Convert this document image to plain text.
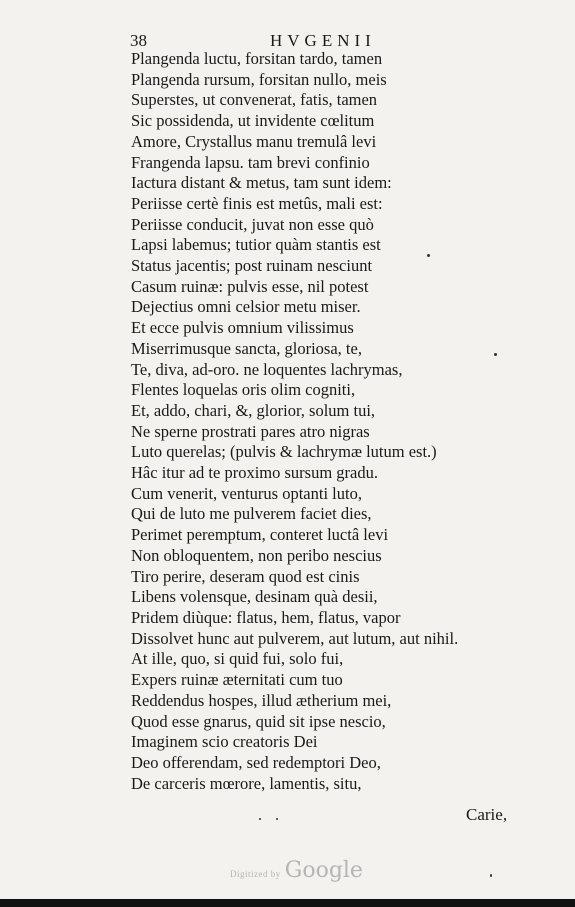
38	HVGENII
Plangenda luctu, forsitan tardo, tamen
Plangenda rursum, forsitan nullo, meis
Superstes, ut convenerat, fatis, tamen
Sic possidenda, ut invidente cœlitum
Amore, Crystallus manu tremulâ levi
Frangenda lapsu. tam brevi confinio
Iactura distant & metus, tam sunt idem:
Periisse certè finis est metûs, mali est:
Periisse conducit, juvat non esse quò
Lapsi labemus; tutior quàm stantis est
Status jacentis; post ruinam nesciunt
Casum ruinæ: pulvis esse, nil potest
Dejectius omni celsior metu miser.
Et ecce pulvis omnium vilissimus
Miserrimusque sancta, gloriosa, te,
Te, diva, ad-oro. ne loquentes lachrymas,
Flentes loquelas oris olim cogniti,
Et, addo, chari, &, glorior, solum tui,
Ne sperne prostrati pares atro nigras
Luto querelas; (pulvis & lachrymæ lutum est.)
Hâc itur ad te proximo sursum gradu.
Cum venerit, venturus optanti luto,
Qui de luto me pulverem faciet dies,
Perimet peremptum, conteret luctâ levi
Non obloquentem, non peribo nescius
Tiro perire, deseram quod est cinis
Libens volensque, desinam quà desii,
Pridem diùque: flatus, hem, flatus, vapor
Dissolvet hunc aut pulverem, aut lutum, aut nihil.
At ille, quo, si quid fui, solo fui,
Expers ruinæ æternitati cum tuo
Reddendus hospes, illud ætherium mei,
Quod esse gnarus, quid sit ipse nescio,
Imaginem scio creatoris Dei
Deo offerendam, sed redemptori Deo,
De carceris mœrore, lamentis, situ,
Carie,
Digitized by Google
